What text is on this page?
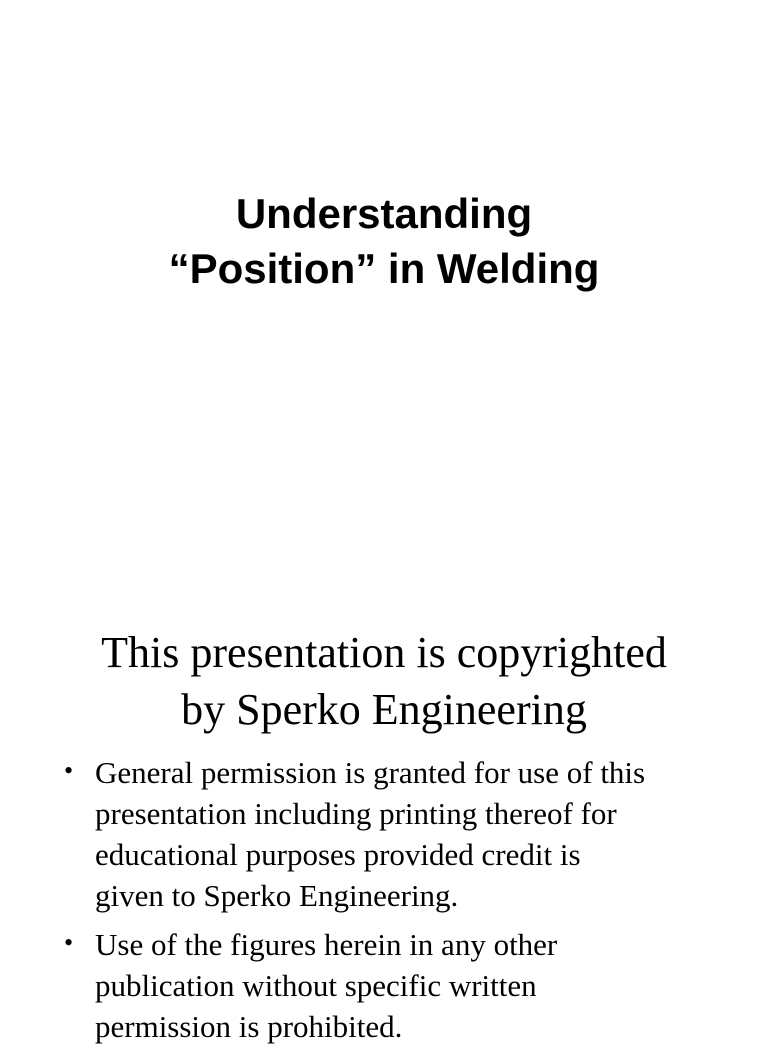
Understanding
“Position” in Welding
This presentation is copyrighted
by Sperko Engineering
• General permission is granted for use of this
presentation including printing thereof for
educational purposes provided credit is
given to Sperko Engineering.
• Use of the figures herein in any other
publication without specific written
permission is prohibited.
